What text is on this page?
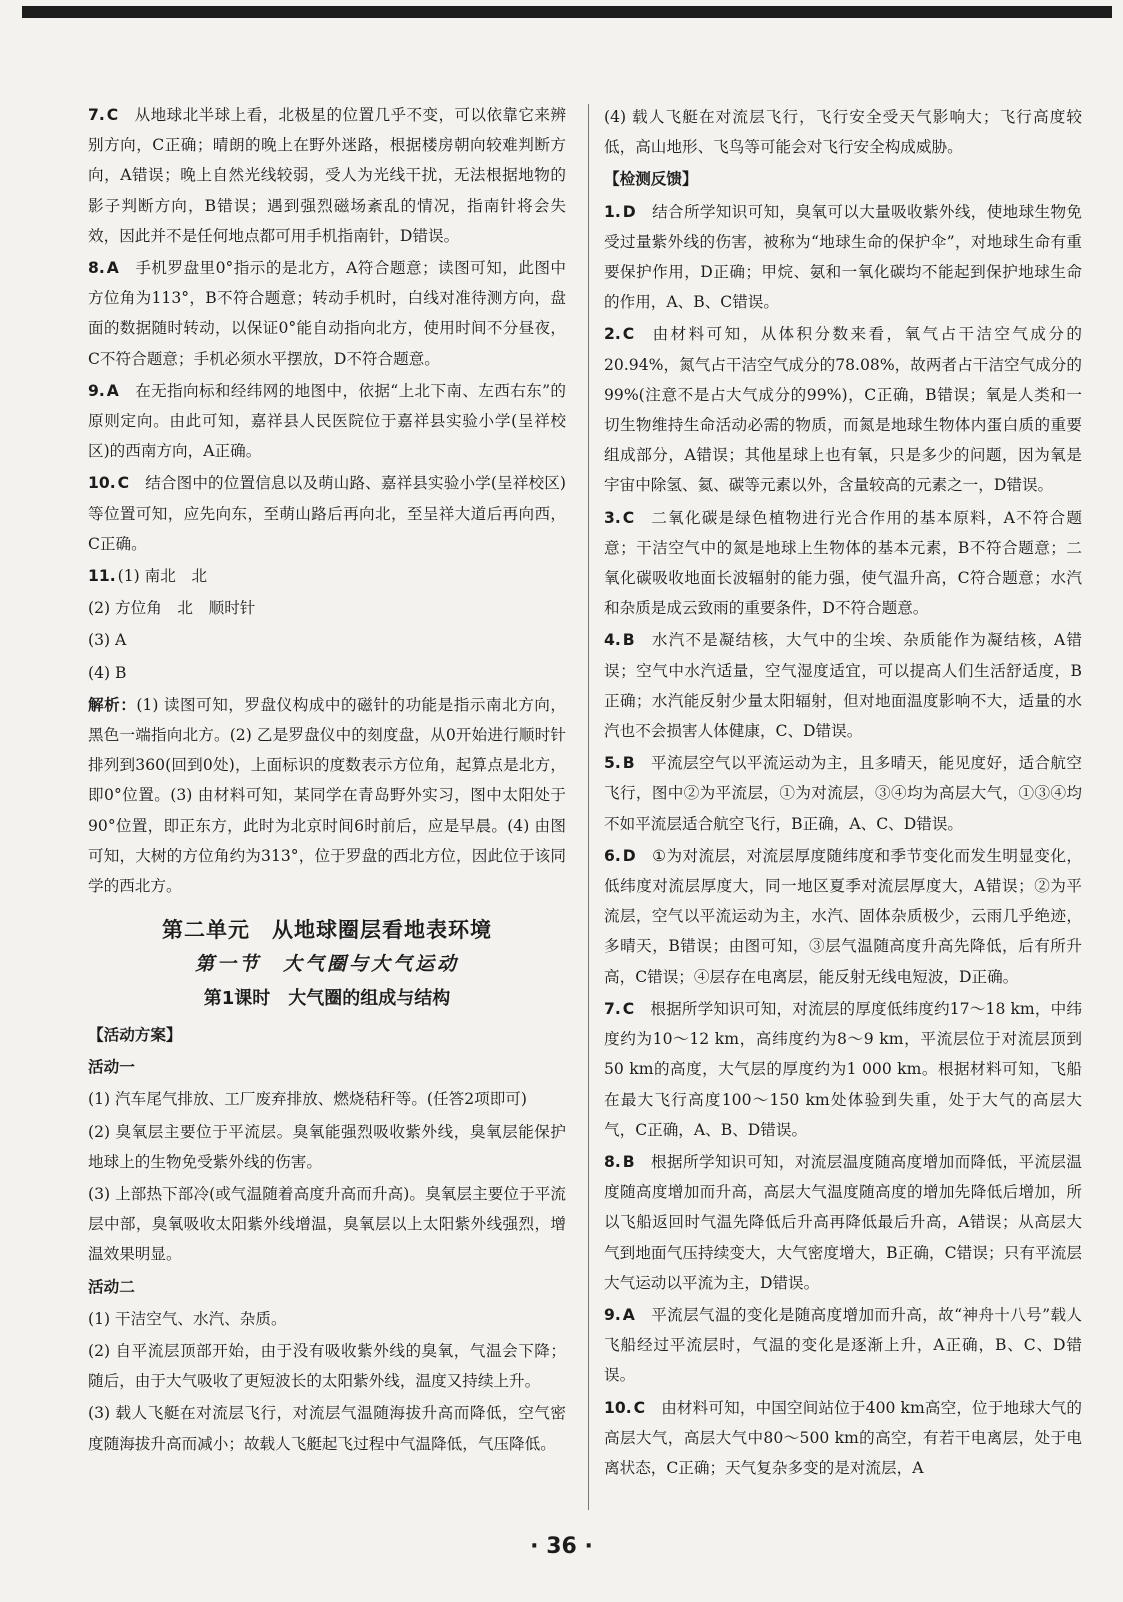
7. C 从地球北半球上看，北极星的位置几乎不变，可以依靠它来辨别方向，C正确；晴朗的晚上在野外迷路，根据楼房朝向较难判断方向，A错误；晚上自然光线较弱，受人为光线干扰，无法根据地物的影子判断方向，B错误；遇到强烈磁场紊乱的情况，指南针将会失效，因此并不是任何地点都可用手机指南针，D错误。

8. A 手机罗盘里0°指示的是北方，A符合题意；读图可知，此图中方位角为113°，B不符合题意；转动手机时，白线对准待测方向，盘面的数据随时转动，以保证0°能自动指向北方，使用时间不分昼夜，C不符合题意；手机必须水平摆放，D不符合题意。

9. A 在无指向标和经纬网的地图中，依据“上北下南、左西右东”的原则定向。由此可知，嘉祥县人民医院位于嘉祥县实验小学(呈祥校区)的西南方向，A正确。

10. C 结合图中的位置信息以及萌山路、嘉祥县实验小学(呈祥校区)等位置可知，应先向东，至萌山路后再向北，至呈祥大道后再向西，C正确。

11. (1) 南北　北

(2) 方位角　北　顺时针

(3) A

(4) B

解析：(1) 读图可知，罗盘仪构成中的磁针的功能是指示南北方向，黑色一端指向北方。(2) 乙是罗盘仪中的刻度盘，从0开始进行顺时针排列到360(回到0处)，上面标识的度数表示方位角，起算点是北方，即0°位置。(3) 由材料可知，某同学在青岛野外实习，图中太阳处于90°位置，即正东方，此时为北京时间6时前后，应是早晨。(4) 由图可知，大树的方位角约为313°，位于罗盘的西北方位，因此位于该同学的西北方。

第二单元　从地球圈层看地表环境
第一节　大气圈与大气运动
第1课时　大气圈的组成与结构

【活动方案】

活动一

(1) 汽车尾气排放、工厂废弃排放、燃烧秸秆等。(任答2项即可)

(2) 臭氧层主要位于平流层。臭氧能强烈吸收紫外线，臭氧层能保护地球上的生物免受紫外线的伤害。

(3) 上部热下部冷(或气温随着高度升高而升高)。臭氧层主要位于平流层中部，臭氧吸收太阳紫外线增温，臭氧层以上太阳紫外线强烈，增温效果明显。

活动二

(1) 干洁空气、水汽、杂质。

(2) 自平流层顶部开始，由于没有吸收紫外线的臭氧，气温会下降；随后，由于大气吸收了更短波长的太阳紫外线，温度又持续上升。

(3) 载人飞艇在对流层飞行，对流层气温随海拔升高而降低，空气密度随海拔升高而减小；故载人飞艇起飞过程中气温降低，气压降低。

(4) 载人飞艇在对流层飞行，飞行安全受天气影响大；飞行高度较低，高山地形、飞鸟等可能会对飞行安全构成威胁。

【检测反馈】

1. D 结合所学知识可知，臭氧可以大量吸收紫外线，使地球生物免受过量紫外线的伤害，被称为“地球生命的保护伞”，对地球生命有重要保护作用，D正确；甲烷、氨和一氧化碳均不能起到保护地球生命的作用，A、B、C错误。

2. C 由材料可知，从体积分数来看，氧气占干洁空气成分的20.94%，氮气占干洁空气成分的78.08%，故两者占干洁空气成分的99%(注意不是占大气成分的99%)，C正确，B错误；氧是人类和一切生物维持生命活动必需的物质，而氮是地球生物体内蛋白质的重要组成部分，A错误；其他星球上也有氧，只是多少的问题，因为氧是宇宙中除氢、氦、碳等元素以外，含量较高的元素之一，D错误。

3. C 二氧化碳是绿色植物进行光合作用的基本原料，A不符合题意；干洁空气中的氮是地球上生物体的基本元素，B不符合题意；二氧化碳吸收地面长波辐射的能力强，使气温升高，C符合题意；水汽和杂质是成云致雨的重要条件，D不符合题意。

4. B 水汽不是凝结核，大气中的尘埃、杂质能作为凝结核，A错误；空气中水汽适量，空气湿度适宜，可以提高人们生活舒适度，B正确；水汽能反射少量太阳辐射，但对地面温度影响不大，适量的水汽也不会损害人体健康，C、D错误。

5. B 平流层空气以平流运动为主，且多晴天，能见度好，适合航空飞行，图中②为平流层，①为对流层，③④均为高层大气，①③④均不如平流层适合航空飞行，B正确，A、C、D错误。

6. D ①为对流层，对流层厚度随纬度和季节变化而发生明显变化，低纬度对流层厚度大，同一地区夏季对流层厚度大，A错误；②为平流层，空气以平流运动为主，水汽、固体杂质极少，云雨几乎绝迹，多晴天，B错误；由图可知，③层气温随高度升高先降低，后有所升高，C错误；④层存在电离层，能反射无线电短波，D正确。

7. C 根据所学知识可知，对流层的厚度低纬度约17～18 km，中纬度约为10～12 km，高纬度约为8～9 km，平流层位于对流层顶到50 km的高度，大气层的厚度约为1 000 km。根据材料可知，飞船在最大飞行高度100～150 km处体验到失重，处于大气的高层大气，C正确，A、B、D错误。

8. B 根据所学知识可知，对流层温度随高度增加而降低，平流层温度随高度增加而升高，高层大气温度随高度的增加先降低后增加，所以飞船返回时气温先降低后升高再降低最后升高，A错误；从高层大气到地面气压持续变大，大气密度增大，B正确，C错误；只有平流层大气运动以平流为主，D错误。

9. A 平流层气温的变化是随高度增加而升高，故“神舟十八号”载人飞船经过平流层时，气温的变化是逐渐上升，A正确，B、C、D错误。

10. C 由材料可知，中国空间站位于400 km高空，位于地球大气的高层大气，高层大气中80～500 km的高空，有若干电离层，处于电离状态，C正确；天气复杂多变的是对流层，A

· 36 ·
